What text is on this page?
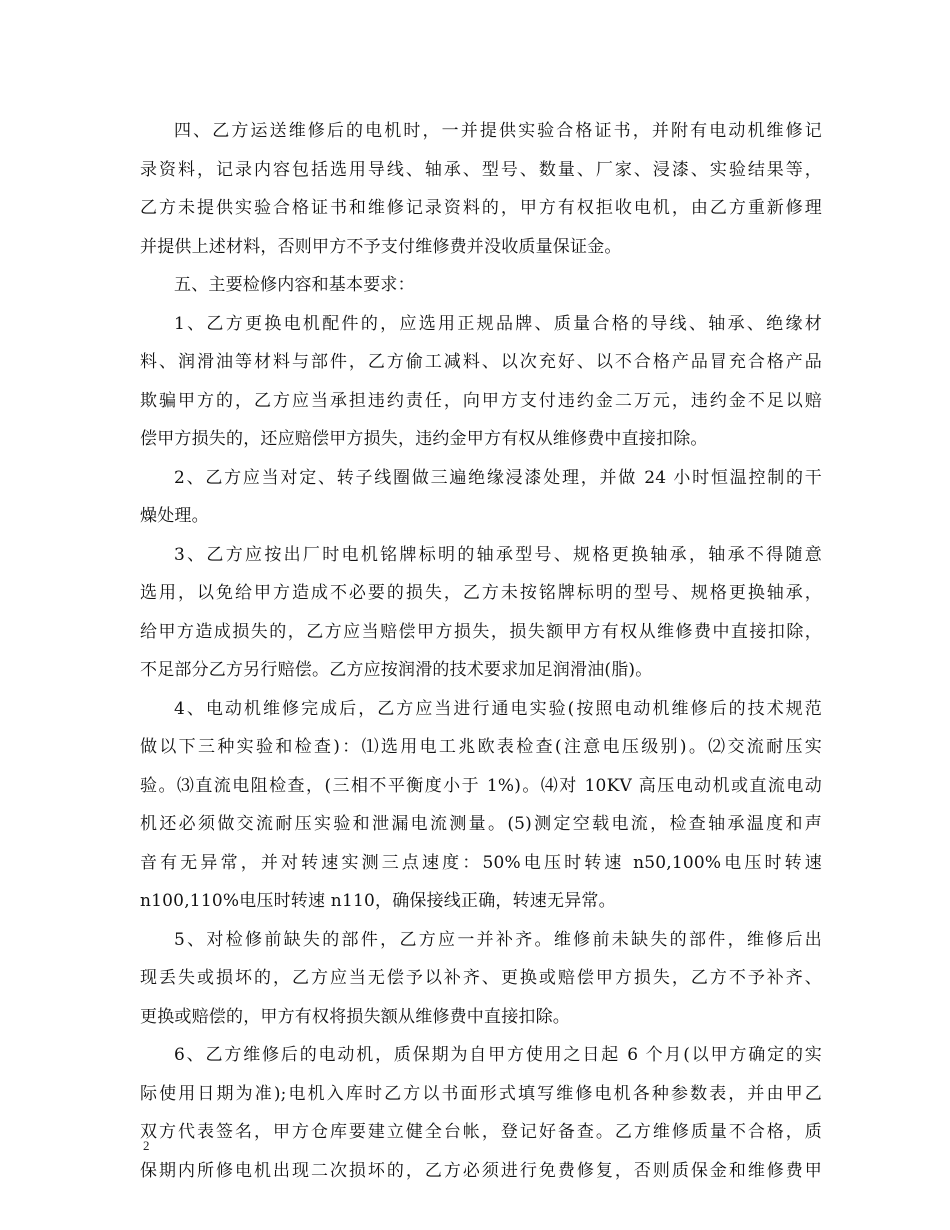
四、乙方运送维修后的电机时，一并提供实验合格证书，并附有电动机维修记
录资料，记录内容包括选用导线、轴承、型号、数量、厂家、浸漆、实验结果等，
乙方未提供实验合格证书和维修记录资料的，甲方有权拒收电机，由乙方重新修理
并提供上述材料，否则甲方不予支付维修费并没收质量保证金。
五、主要检修内容和基本要求：
1、乙方更换电机配件的，应选用正规品牌、质量合格的导线、轴承、绝缘材
料、润滑油等材料与部件，乙方偷工减料、以次充好、以不合格产品冒充合格产品
欺骗甲方的，乙方应当承担违约责任，向甲方支付违约金二万元，违约金不足以赔
偿甲方损失的，还应赔偿甲方损失，违约金甲方有权从维修费中直接扣除。
2、乙方应当对定、转子线圈做三遍绝缘浸漆处理，并做 24 小时恒温控制的干
燥处理。
3、乙方应按出厂时电机铭牌标明的轴承型号、规格更换轴承，轴承不得随意
选用，以免给甲方造成不必要的损失，乙方未按铭牌标明的型号、规格更换轴承，
给甲方造成损失的，乙方应当赔偿甲方损失，损失额甲方有权从维修费中直接扣除，
不足部分乙方另行赔偿。乙方应按润滑的技术要求加足润滑油(脂)。
4、电动机维修完成后，乙方应当进行通电实验(按照电动机维修后的技术规范
做以下三种实验和检查)：⑴选用电工兆欧表检查(注意电压级别)。⑵交流耐压实
验。⑶直流电阻检查，(三相不平衡度小于 1%)。⑷对 10KV 高压电动机或直流电动
机还必须做交流耐压实验和泄漏电流测量。(5)测定空载电流，检查轴承温度和声
音有无异常，并对转速实测三点速度：50%电压时转速 n50,100%电压时转速
n100,110%电压时转速 n110，确保接线正确，转速无异常。
5、对检修前缺失的部件，乙方应一并补齐。维修前未缺失的部件，维修后出
现丢失或损坏的，乙方应当无偿予以补齐、更换或赔偿甲方损失，乙方不予补齐、
更换或赔偿的，甲方有权将损失额从维修费中直接扣除。
6、乙方维修后的电动机，质保期为自甲方使用之日起 6 个月(以甲方确定的实
际使用日期为准);电机入库时乙方以书面形式填写维修电机各种参数表，并由甲乙
双方代表签名，甲方仓库要建立健全台帐，登记好备查。乙方维修质量不合格，质
保期内所修电机出现二次损坏的，乙方必须进行免费修复，否则质保金和维修费甲
2
